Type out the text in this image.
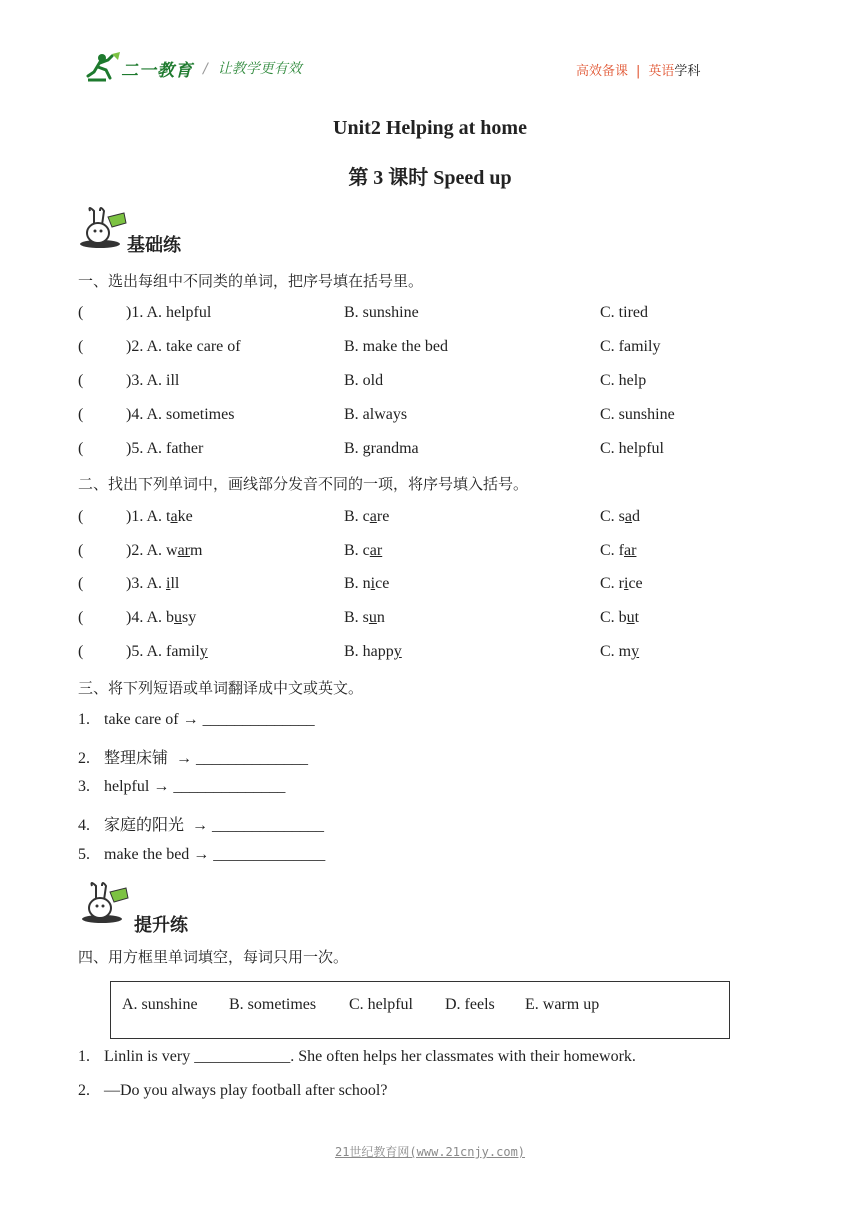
二一教育 / 让教学更有效	高效备课 | 英语学科
Unit2 Helping at home
第 3 课时 Speed up
基础练
一、选出每组中不同类的单词，把序号填在括号里。
(	)1. A. helpful	B. sunshine	C. tired
(	)2. A. take care of	B. make the bed	C. family
(	)3. A. ill	B. old	C. help
(	)4. A. sometimes	B. always	C. sunshine
(	)5. A. father	B. grandma	C. helpful
二、找出下列单词中，画线部分发音不同的一项，将序号填入括号。
(	)1. A. take	B. care	C. sad
(	)2. A. warm	B. car	C. far
(	)3. A. ill	B. nice	C. rice
(	)4. A. busy	B. sun	C. but
(	)5. A. family	B. happy	C. my
三、将下列短语或单词翻译成中文或英文。
1. take care of → ______________
2. 整理床铺  → ______________
3. helpful → ______________
4. 家庭的阳光  → ______________
5. make the bed → ______________
提升练
四、用方框里单词填空，每词只用一次。
A. sunshine B. sometimes C. helpful D. feels E. warm up
1. Linlin is very ____________. She often helps her classmates with their homework.
2. —Do you always play football after school?
21世纪教育网(www.21cnjy.com)
